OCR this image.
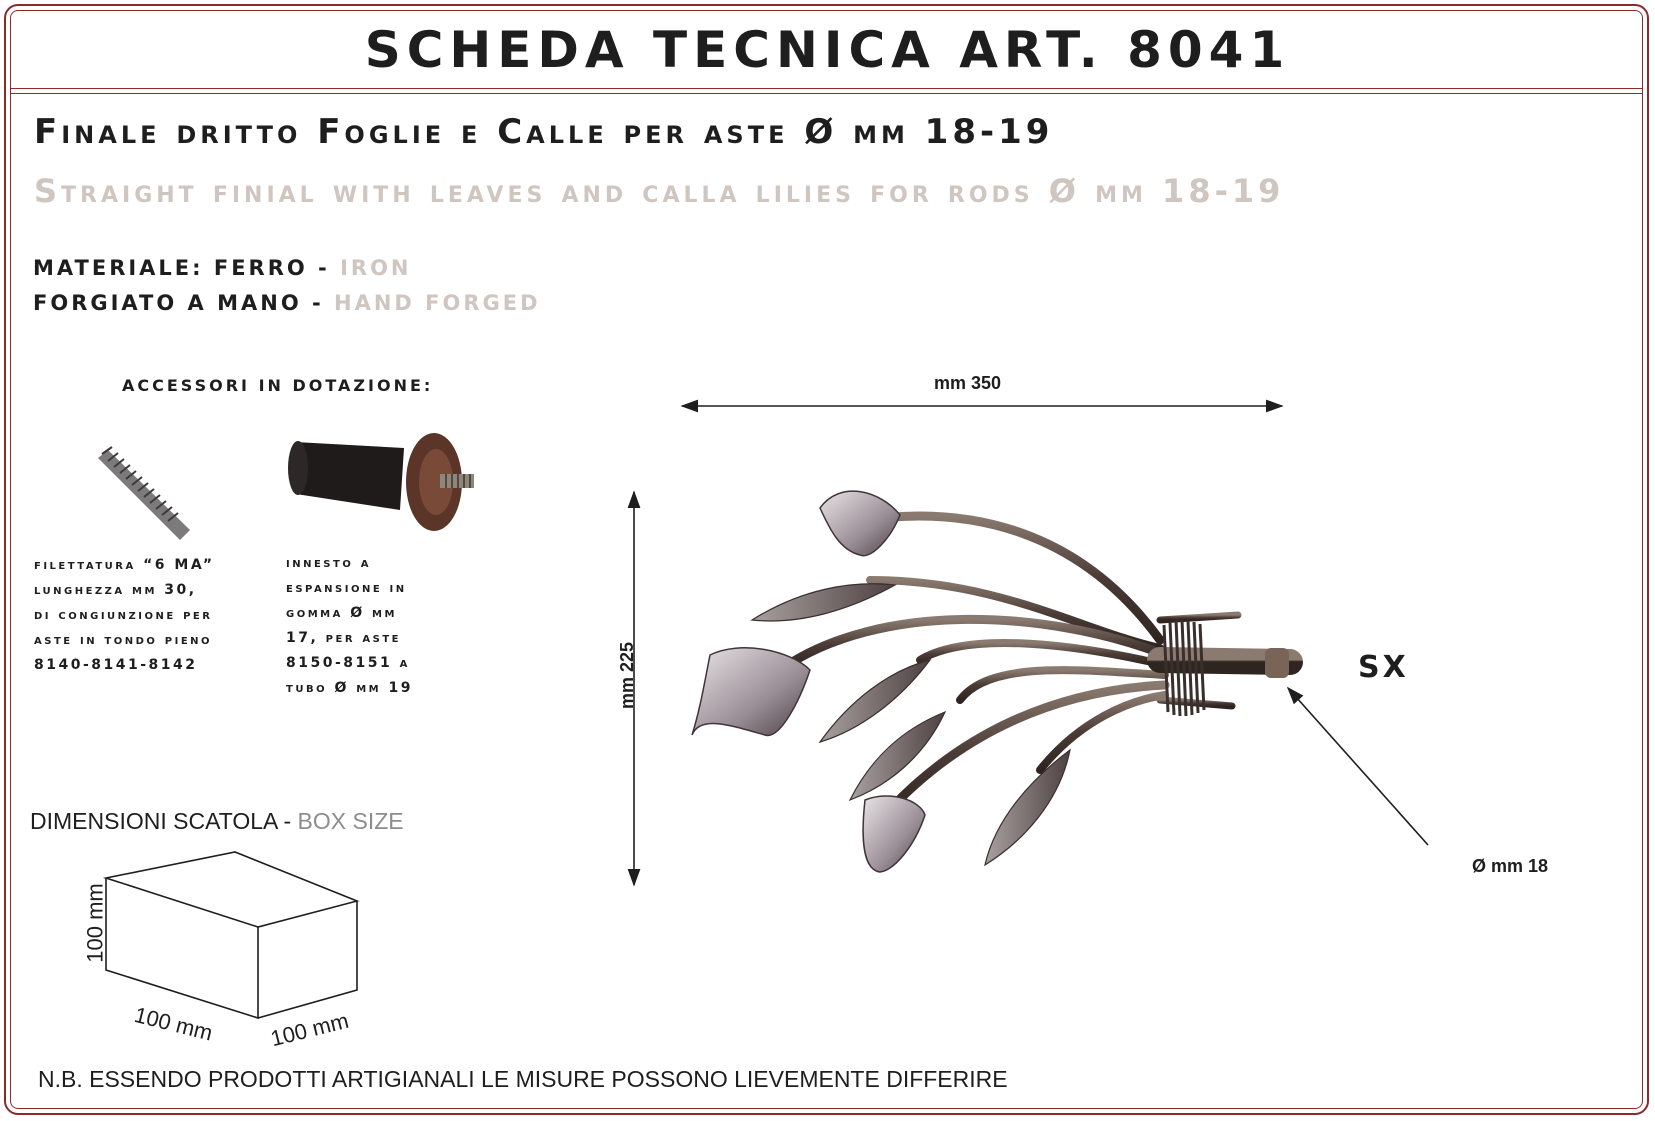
SCHEDA TECNICA ART. 8041
Finale dritto Foglie e Calle per aste Ø mm 18-19
Straight finial with leaves and calla lilies for rods Ø mm 18-19
MATERIALE: FERRO - IRON
FORGIATO A MANO - HAND FORGED
ACCESSORI IN DOTAZIONE:
filettatura “6 MA”
lunghezza mm 30,
di congiunzione per
aste in tondo pieno
8140-8141-8142
innesto a
espansione in
gomma Ø mm
17, per aste
8150-8151 a
tubo Ø mm 19
DIMENSIONI SCATOLA - BOX SIZE
N.B. ESSENDO PRODOTTI ARTIGIANALI LE MISURE POSSONO LIEVEMENTE DIFFERIRE
mm 350
mm 225
Ø mm 18
SX
100 mm
100 mm 100 mm
